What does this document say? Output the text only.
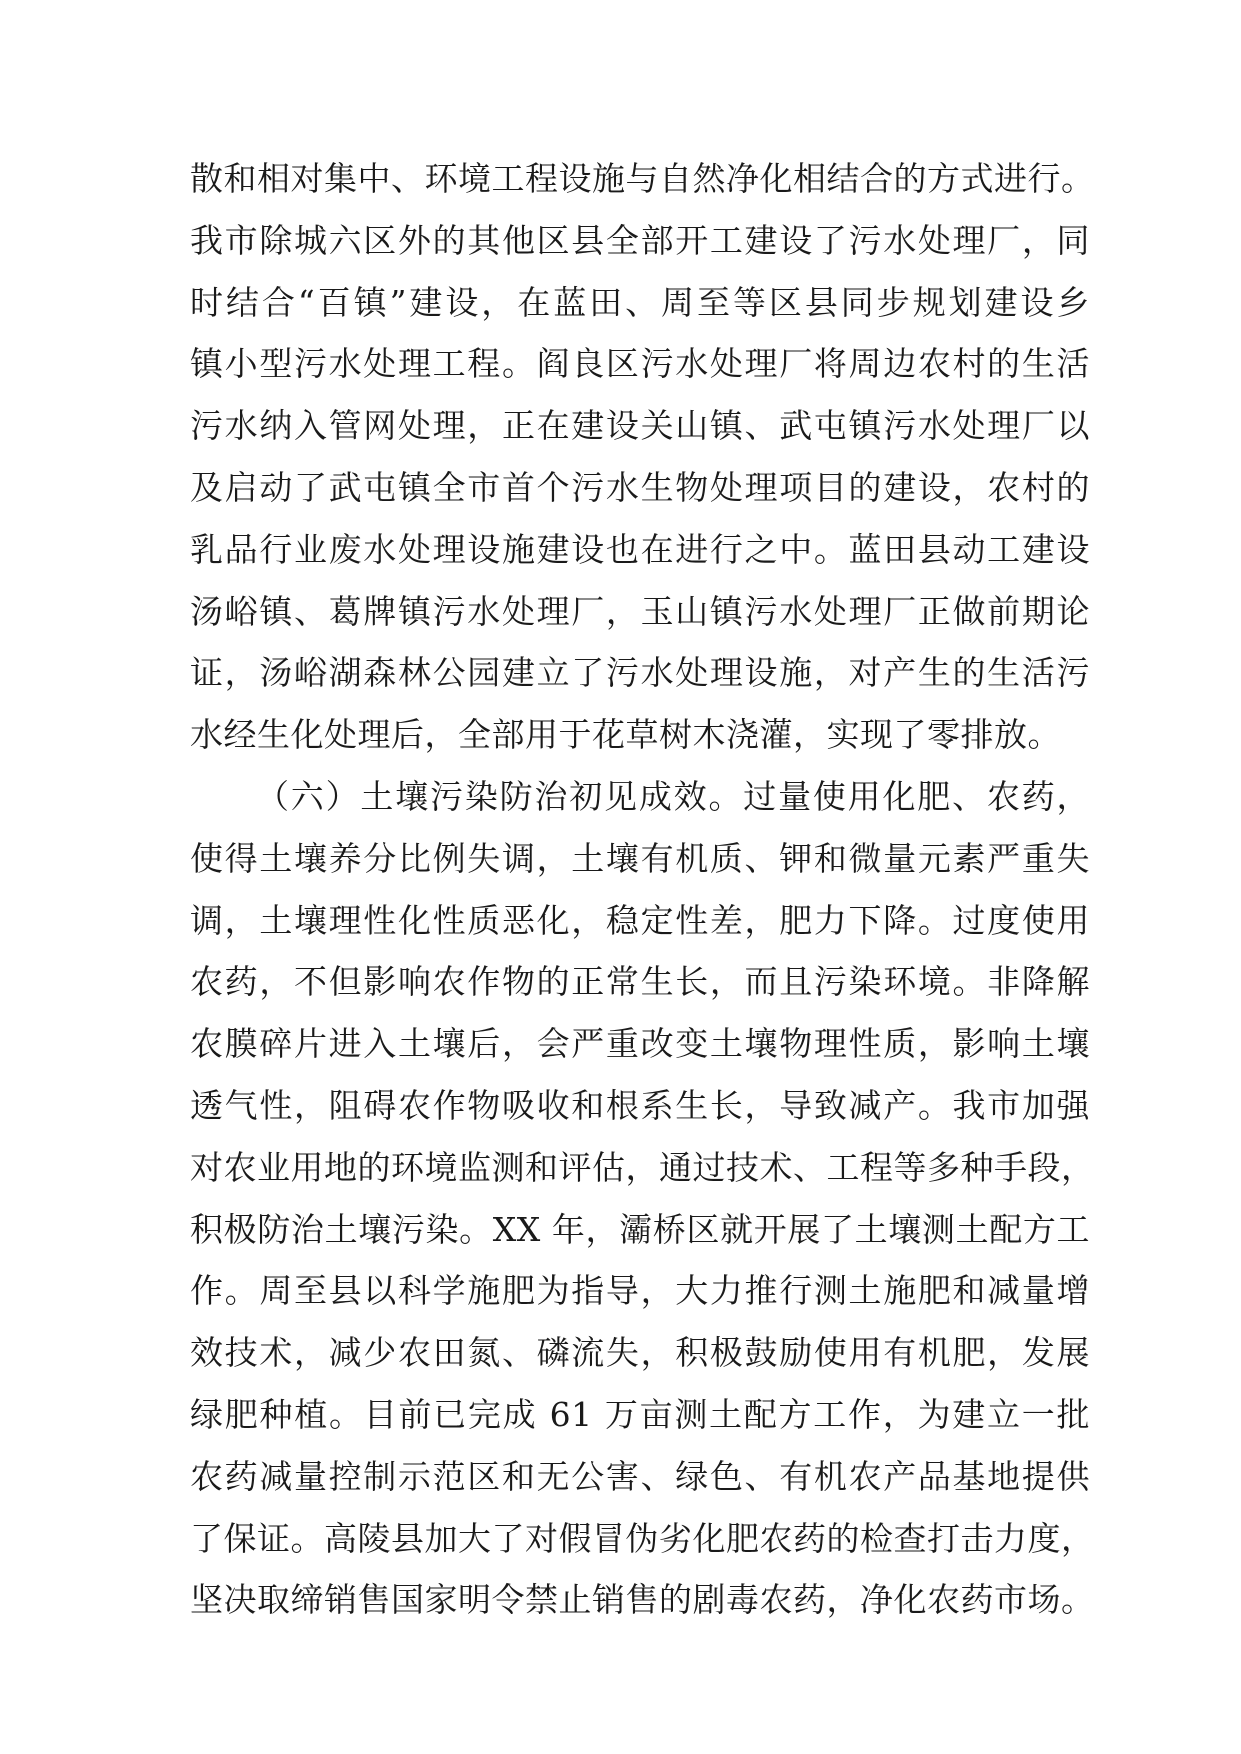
散和相对集中、环境工程设施与自然净化相结合的方式进行。
我市除城六区外的其他区县全部开工建设了污水处理厂，同
时结合“百镇”建设，在蓝田、周至等区县同步规划建设乡
镇小型污水处理工程。阎良区污水处理厂将周边农村的生活
污水纳入管网处理，正在建设关山镇、武屯镇污水处理厂以
及启动了武屯镇全市首个污水生物处理项目的建设，农村的
乳品行业废水处理设施建设也在进行之中。蓝田县动工建设
汤峪镇、葛牌镇污水处理厂，玉山镇污水处理厂正做前期论
证，汤峪湖森林公园建立了污水处理设施，对产生的生活污
水经生化处理后，全部用于花草树木浇灌，实现了零排放。
（六）土壤污染防治初见成效。过量使用化肥、农药，
使得土壤养分比例失调，土壤有机质、钾和微量元素严重失
调，土壤理性化性质恶化，稳定性差，肥力下降。过度使用
农药，不但影响农作物的正常生长，而且污染环境。非降解
农膜碎片进入土壤后，会严重改变土壤物理性质，影响土壤
透气性，阻碍农作物吸收和根系生长，导致减产。我市加强
对农业用地的环境监测和评估，通过技术、工程等多种手段，
积极防治土壤污染。XX 年，灞桥区就开展了土壤测土配方工
作。周至县以科学施肥为指导，大力推行测土施肥和减量增
效技术，减少农田氮、磷流失，积极鼓励使用有机肥，发展
绿肥种植。目前已完成 61 万亩测土配方工作，为建立一批
农药减量控制示范区和无公害、绿色、有机农产品基地提供
了保证。高陵县加大了对假冒伪劣化肥农药的检查打击力度，
坚决取缔销售国家明令禁止销售的剧毒农药，净化农药市场。
